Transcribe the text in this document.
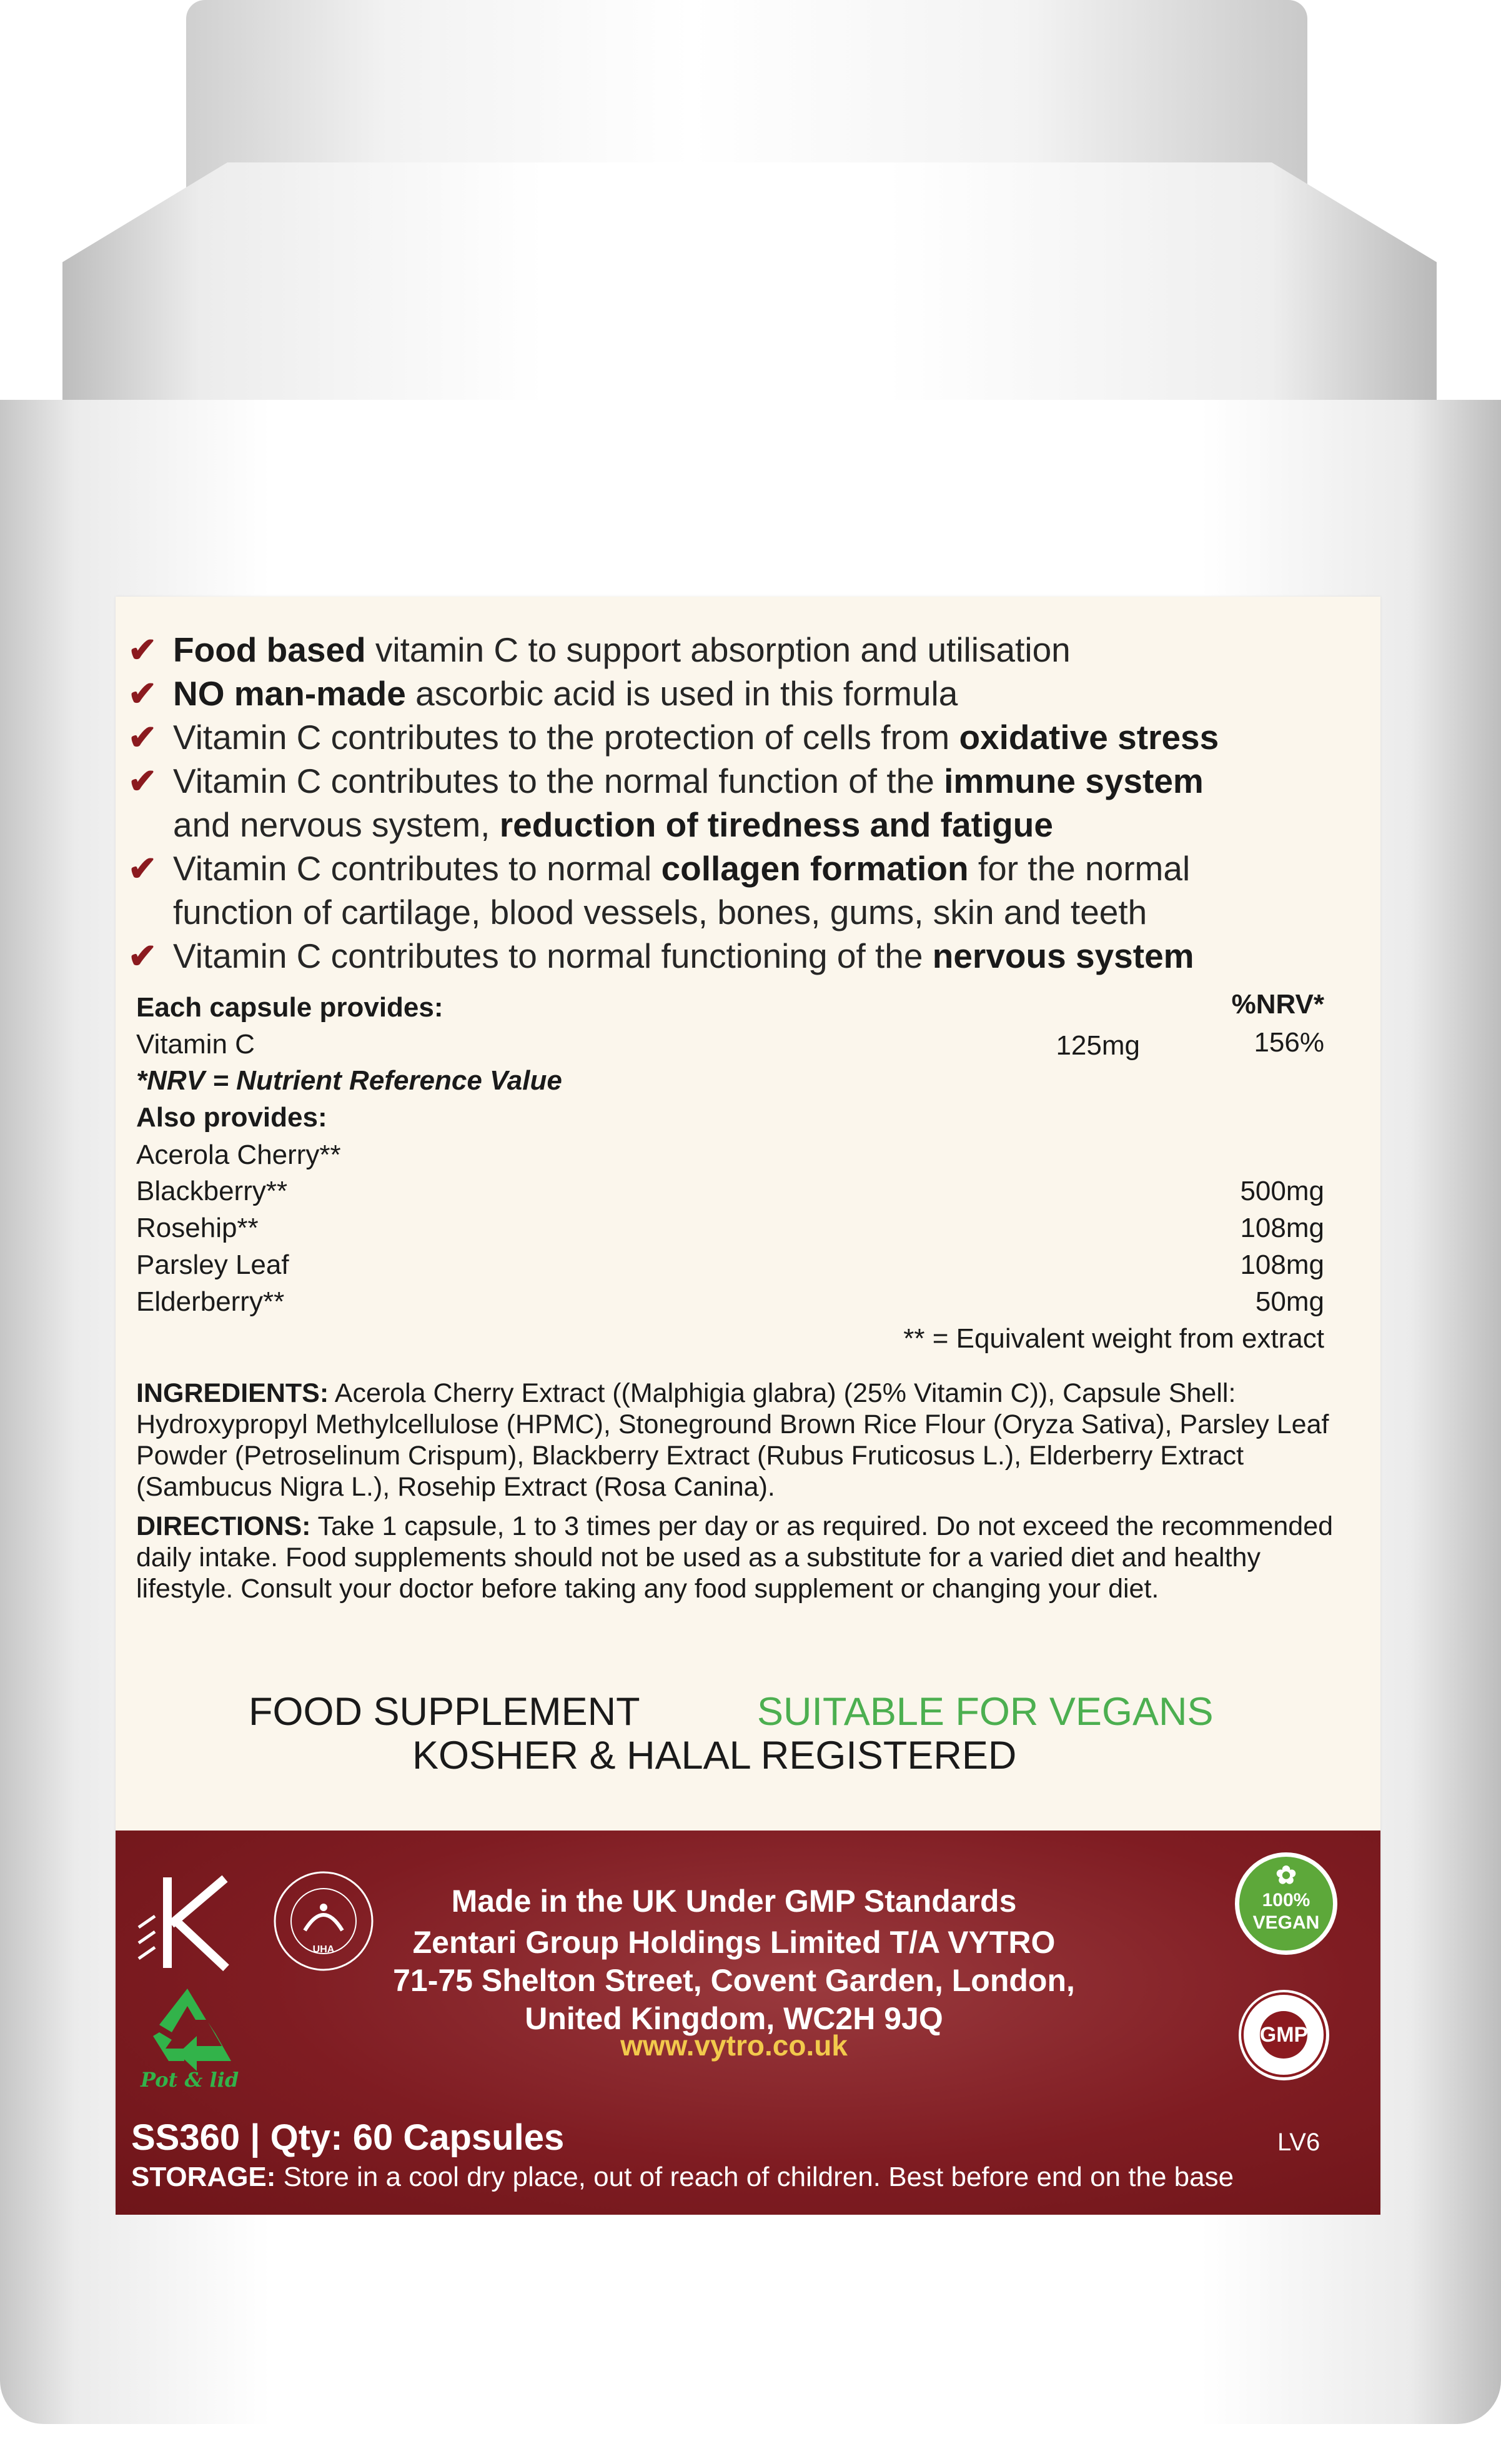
✔ Food based vitamin C to support absorption and utilisation
✔ NO man-made ascorbic acid is used in this formula
✔ Vitamin C contributes to the protection of cells from oxidative stress
✔ Vitamin C contributes to the normal function of the immune system
and nervous system, reduction of tiredness and fatigue
✔ Vitamin C contributes to normal collagen formation for the normal
function of cartilage, blood vessels, bones, gums, skin and teeth
✔ Vitamin C contributes to normal functioning of the nervous system
Each capsule provides:	%NRV*
Vitamin C	125mg	156%
*NRV = Nutrient Reference Value
Also provides:
Acerola Cherry**
Blackberry**	500mg
Rosehip**	108mg
Parsley Leaf	108mg
Elderberry**	50mg
** = Equivalent weight from extract
INGREDIENTS: Acerola Cherry Extract ((Malphigia glabra) (25% Vitamin C)), Capsule Shell: Hydroxypropyl Methylcellulose (HPMC), Stoneground Brown Rice Flour (Oryza Sativa), Parsley Leaf Powder (Petroselinum Crispum), Blackberry Extract (Rubus Fruticosus L.), Elderberry Extract (Sambucus Nigra L.), Rosehip Extract (Rosa Canina).
DIRECTIONS: Take 1 capsule, 1 to 3 times per day or as required. Do not exceed the recommended daily intake. Food supplements should not be used as a substitute for a varied diet and healthy lifestyle. Consult your doctor before taking any food supplement or changing your diet.
FOOD SUPPLEMENT	SUITABLE FOR VEGANS
KOSHER & HALAL REGISTERED
UHA
Pot & lid
Made in the UK Under GMP Standards
Zentari Group Holdings Limited T/A VYTRO
71-75 Shelton Street, Covent Garden, London,
United Kingdom, WC2H 9JQ
www.vytro.co.uk
✿
100% VEGAN
GMP
SS360 | Qty: 60 Capsules	LV6
STORAGE: Store in a cool dry place, out of reach of children. Best before end on the base
